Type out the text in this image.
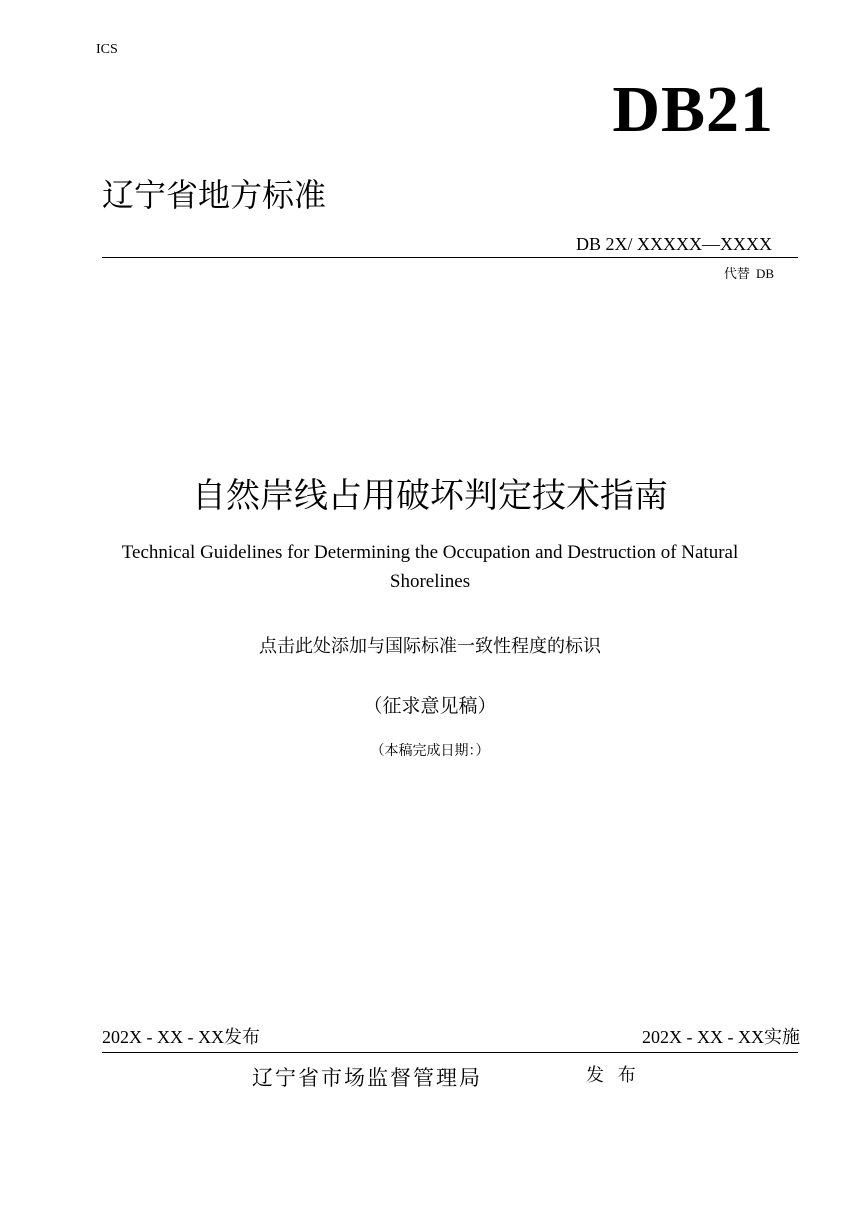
ICS
DB21
辽宁省地方标准
DB 2X/ XXXXX—XXXX
代替 DB
自然岸线占用破坏判定技术指南
Technical Guidelines for Determining the Occupation and Destruction of Natural Shorelines
点击此处添加与国际标准一致性程度的标识
（征求意见稿）
（本稿完成日期：）
202X - XX - XX发布	202X - XX - XX实施
辽宁省市场监督管理局	发 布
